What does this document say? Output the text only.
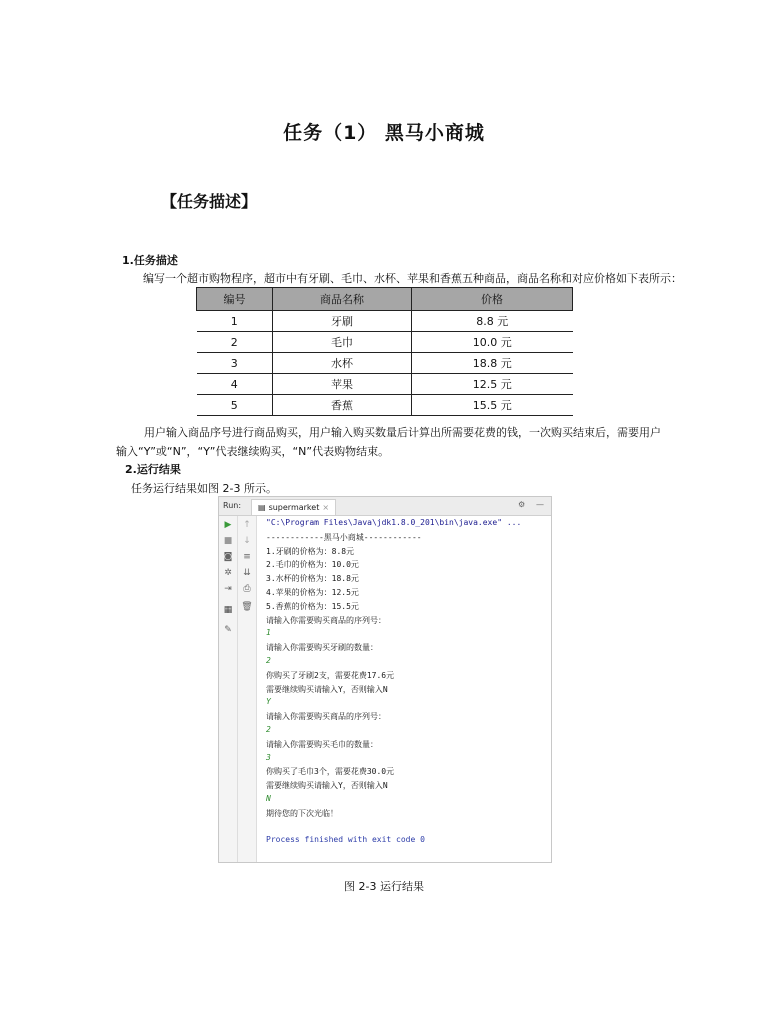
任务（1） 黑马小商城
【任务描述】
1.任务描述
编写一个超市购物程序，超市中有牙刷、毛巾、水杯、苹果和香蕉五种商品，商品名称和对应价格如下表所示：
编号	商品名称	价格
1	牙刷	8.8 元
2	毛巾	10.0 元
3	水杯	18.8 元
4	苹果	12.5 元
5	香蕉	15.5 元
用户输入商品序号进行商品购买，用户输入购买数量后计算出所需要花费的钱，一次购买结束后，需要用户输入“Y”或“N”，“Y”代表继续购买，“N”代表购物结束。
2.运行结果
任务运行结果如图 2-3 所示。
Run: ▤ supermarket ×	⚙ —
▶
■
◙
✲
⇥
▦
✎
↑
↓
≡
⇊
⎙
🗑
"C:\Program Files\Java\jdk1.8.0_201\bin\java.exe" ...
------------黑马小商城------------
1.牙刷的价格为：8.8元
2.毛巾的价格为：10.0元
3.水杯的价格为：18.8元
4.苹果的价格为：12.5元
5.香蕉的价格为：15.5元
请输入你需要购买商品的序列号：
1
请输入你需要购买牙刷的数量：
2
你购买了牙刷2支，需要花费17.6元
需要继续购买请输入Y，否则输入N
Y
请输入你需要购买商品的序列号：
2
请输入你需要购买毛巾的数量：
3
你购买了毛巾3个，需要花费30.0元
需要继续购买请输入Y，否则输入N
N
期待您的下次光临！
Process finished with exit code 0
图 2-3 运行结果
